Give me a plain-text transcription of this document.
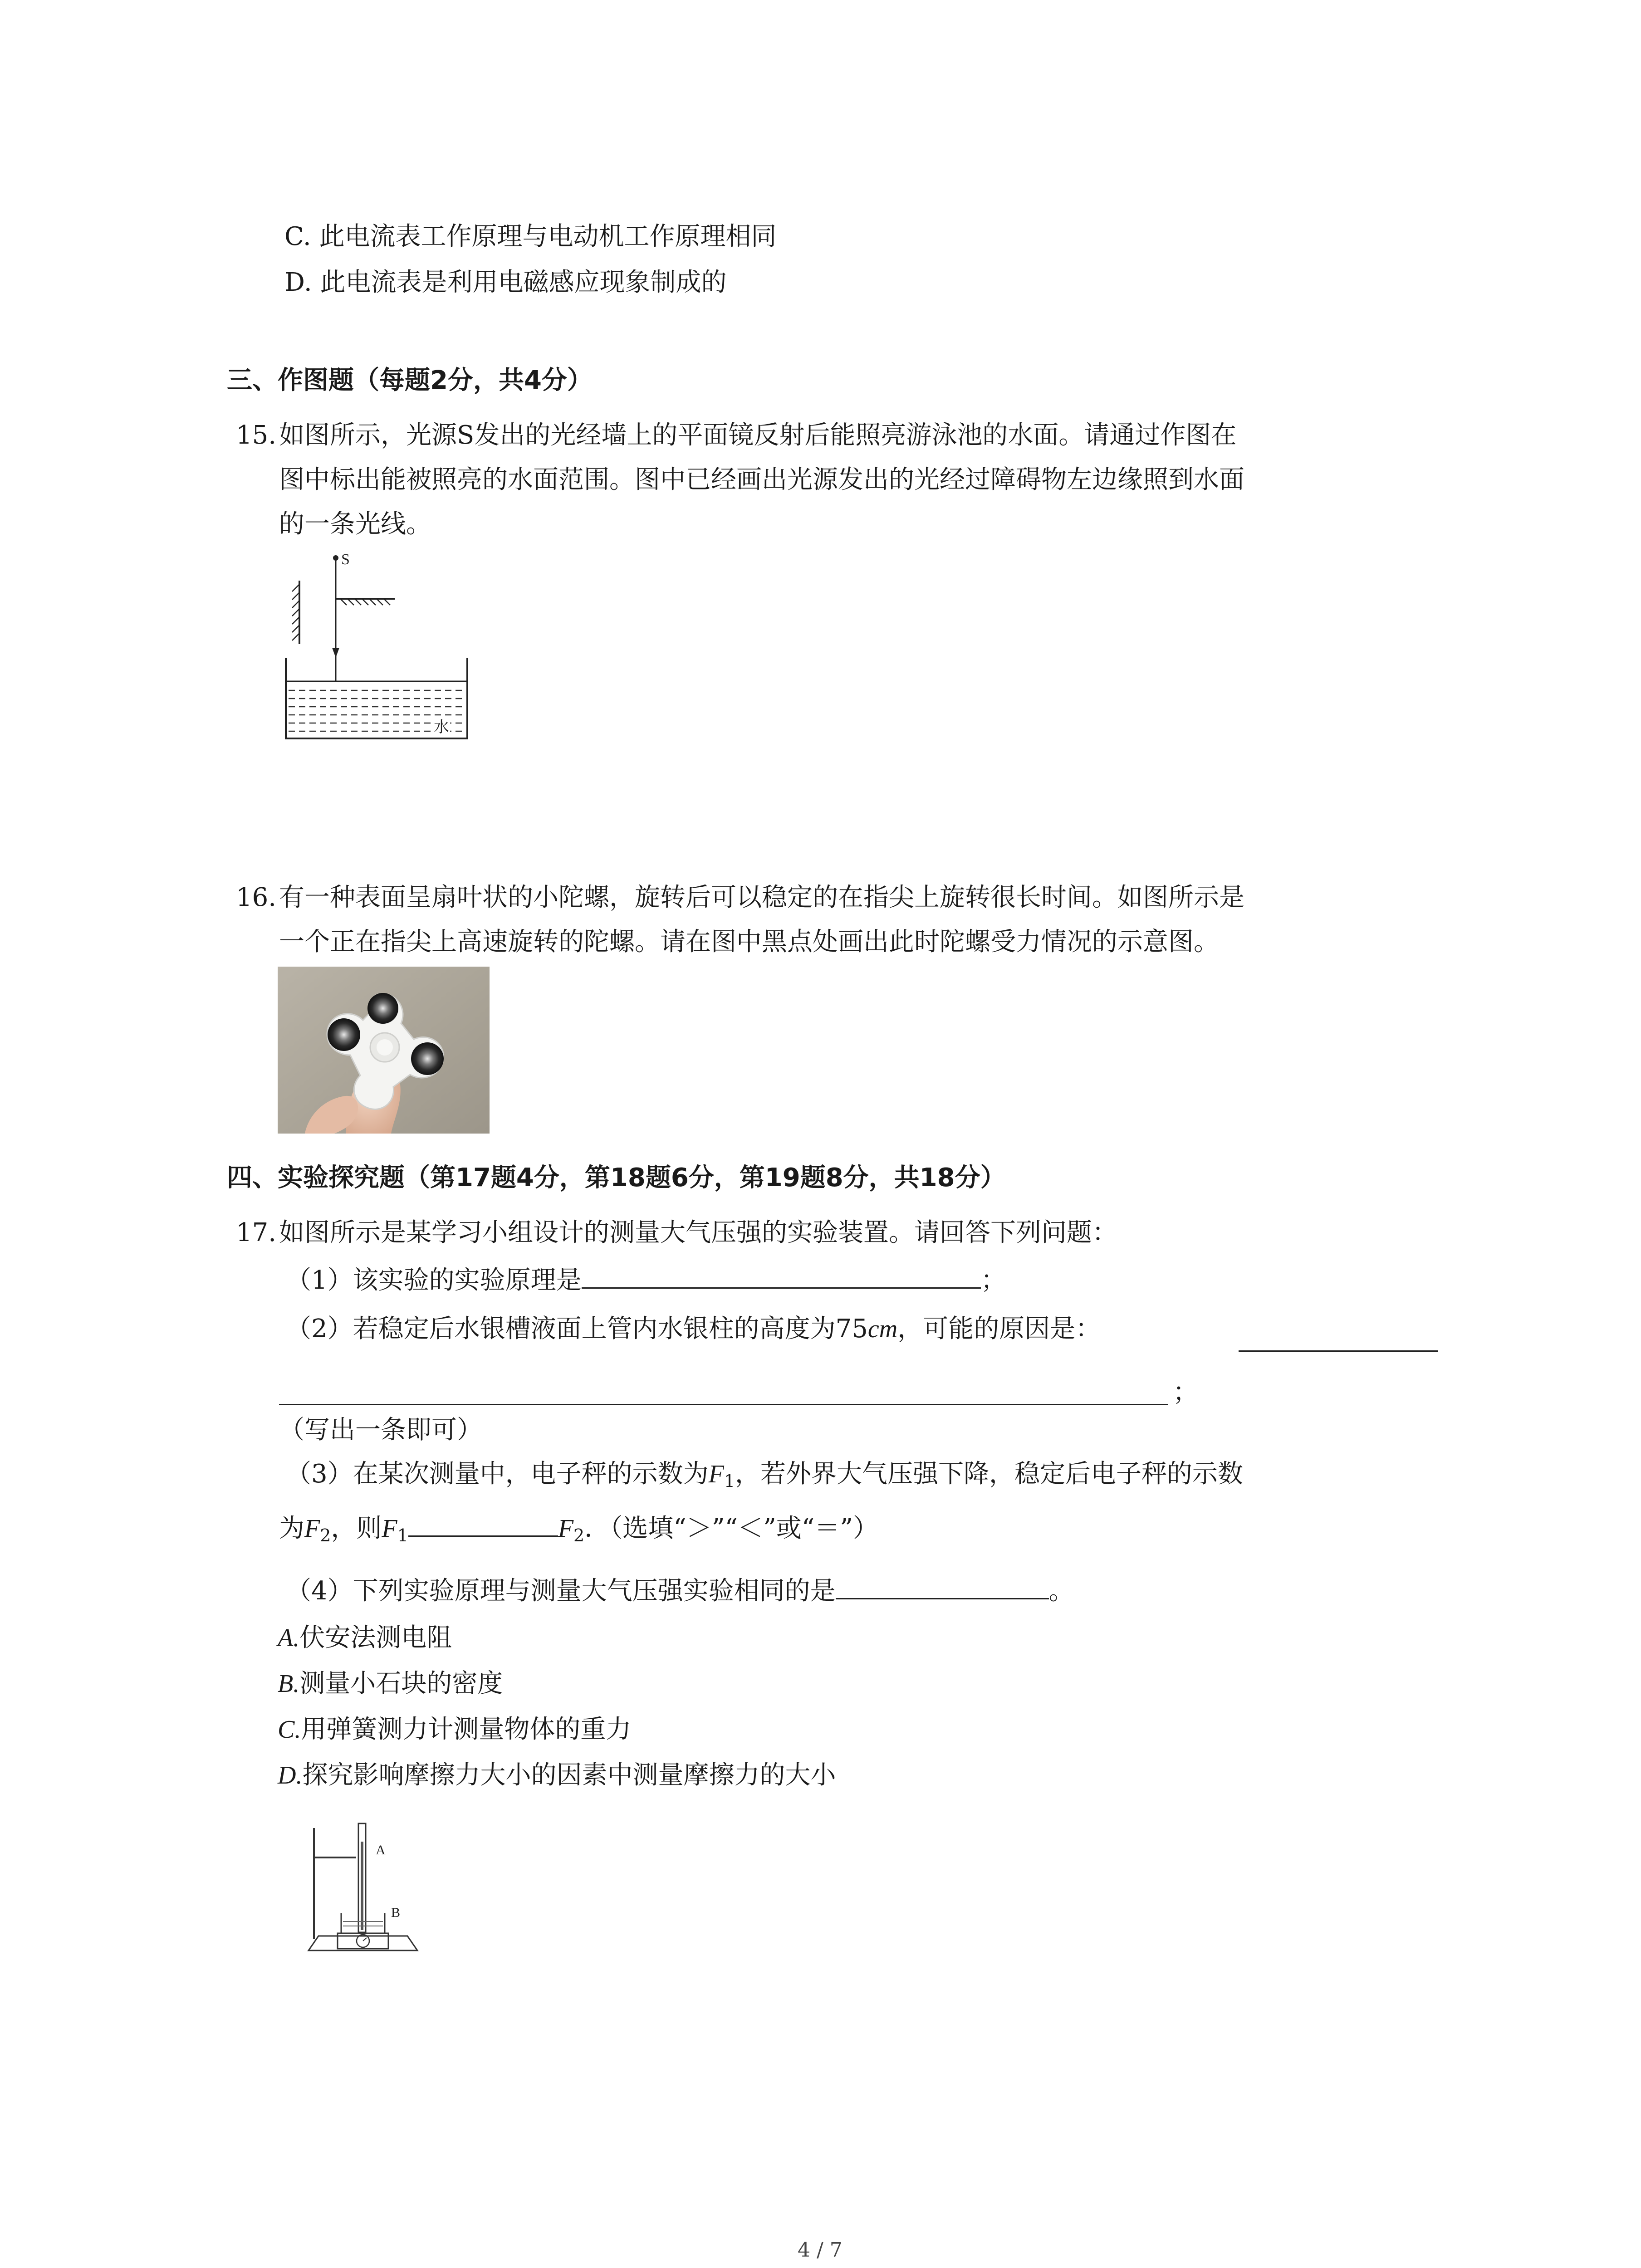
C. 此电流表工作原理与电动机工作原理相同
D. 此电流表是利用电磁感应现象制成的
三、作图题（每题2分，共4分）
15. 如图所示，光源S发出的光经墙上的平面镜反射后能照亮游泳池的水面。请通过作图在
图中标出能被照亮的水面范围。图中已经画出光源发出的光经过障碍物左边缘照到水面
的一条光线。
S
水
16. 有一种表面呈扇叶状的小陀螺，旋转后可以稳定的在指尖上旋转很长时间。如图所示是
一个正在指尖上高速旋转的陀螺。请在图中黑点处画出此时陀螺受力情况的示意图。
四、实验探究题（第17题4分，第18题6分，第19题8分，共18分）
17. 如图所示是某学习小组设计的测量大气压强的实验装置。请回答下列问题：
（1）该实验的实验原理是	；
（2）若稳定后水银槽液面上管内水银柱的高度为75cm，可能的原因是：
；
（写出一条即可）
（3）在某次测量中，电子秤的示数为$F_1$，若外界大气压强下降，稳定后电子秤的示数
为$F_2$，则$F_1$	$F_2$．（选填“＞”“＜”或“＝”）
（4）下列实验原理与测量大气压强实验相同的是	。
A.伏安法测电阻
B.测量小石块的密度
C.用弹簧测力计测量物体的重力
D.探究影响摩擦力大小的因素中测量摩擦力的大小
A
B
4 / 7
